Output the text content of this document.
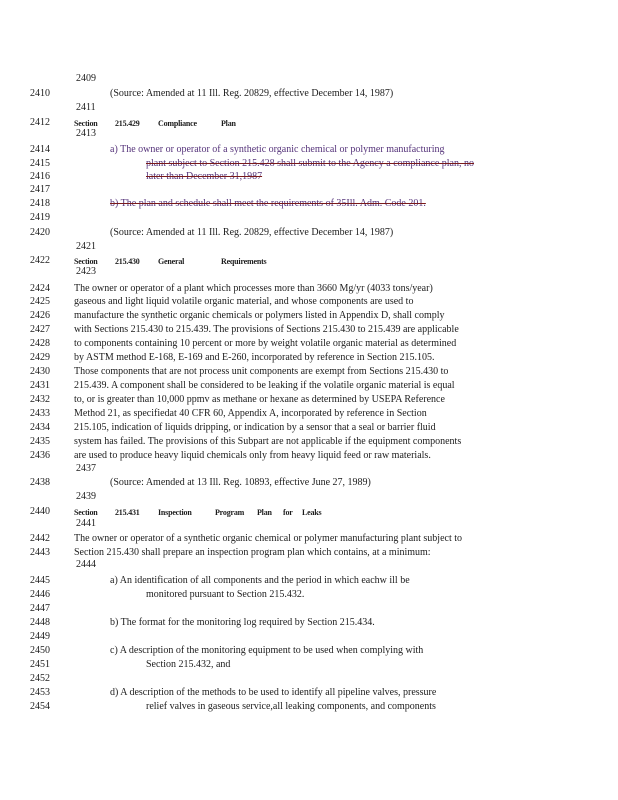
2409
2410	(Source: Amended at 11 Ill. Reg. 20829, effective December 14, 1987)
2411
2412	Section 215.429 Compliance	Plan
2413
2414	a) The owner or operator of a synthetic organic chemical or polymer manufacturing
2415	plant subject to Section 215.428 shall submit to the Agency a compliance plan, no
2416	later than December 31,1987
2417
2418	b) The plan and schedule shall meet the requirements of 35Ill. Adm. Code 201.
2419
2420	(Source: Amended at 11 Ill. Reg. 20829, effective December 14, 1987)
2421
2422	Section 215.430 General	Requirements
2423
2424 The owner or operator of a plant which processes more than 3660 Mg/yr (4033 tons/year)
2425 gaseous and light liquid volatile organic material, and whose components are used to
2426 manufacture the synthetic organic chemicals or polymers listed in Appendix D, shall comply
2427 with Sections 215.430 to 215.439. The provisions of Sections 215.430 to 215.439 are applicable
2428 to components containing 10 percent or more by weight volatile organic material as determined
2429 by ASTM method E-168, E-169 and E-260, incorporated by reference in Section 215.105.
2430 Those components that are not process unit components are exempt from Sections 215.430 to
2431 215.439. A component shall be considered to be leaking if the volatile organic material is equal
2432 to, or is greater than 10,000 ppmv as methane or hexane as determined by USEPA Reference
2433 Method 21, as specifiedat 40 CFR 60, Appendix A, incorporated by reference in Section
2434 215.105, indication of liquids dripping, or indication by a sensor that a seal or barrier fluid
2435 system has failed. The provisions of this Subpart are not applicable if the equipment components
2436 are used to produce heavy liquid chemicals only from heavy liquid feed or raw materials.
2437
2438	(Source: Amended at 13 Ill. Reg. 10893, effective June 27, 1989)
2439
2440	Section 215.431 Inspection	Program Plan for Leaks
2441
2442 The owner or operator of a synthetic organic chemical or polymer manufacturing plant subject to
2443 Section 215.430 shall prepare an inspection program plan which contains, at a minimum:
2444
2445	a) An identification of all components and the period in which eachw ill be
2446	monitored pursuant to Section 215.432.
2447
2448	b) The format for the monitoring log required by Section 215.434.
2449
2450	c) A description of the monitoring equipment to be used when complying with
2451	Section 215.432, and
2452
2453	d) A description of the methods to be used to identify all pipeline valves, pressure
2454	relief valves in gaseous service,all leaking components, and components
